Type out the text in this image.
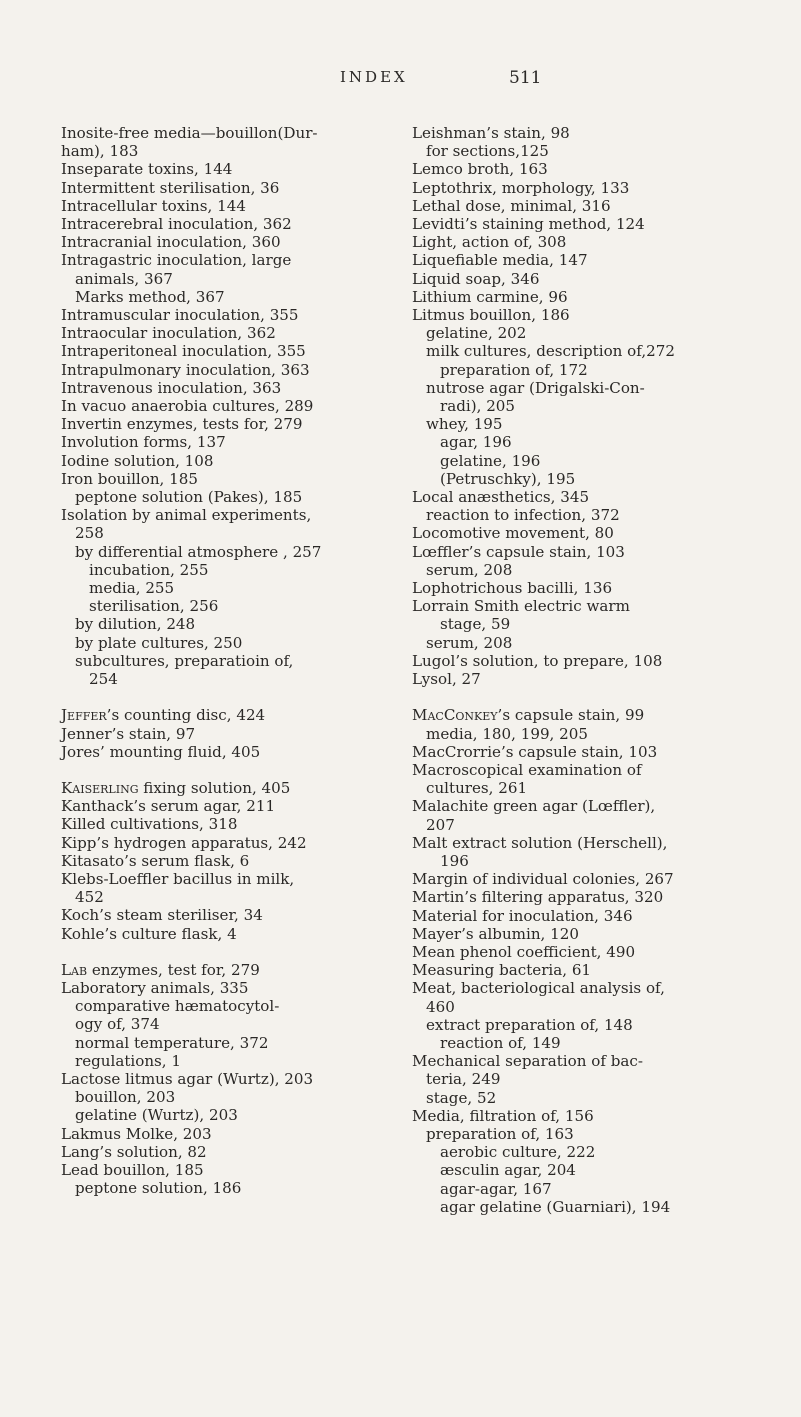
INDEX	511
Inosite-free media—bouillon(Dur-
ham), 183
Inseparate toxins, 144
Intermittent sterilisation, 36
Intracellular toxins, 144
Intracerebral inoculation, 362
Intracranial inoculation, 360
Intragastric inoculation, large
animals, 367
Marks method, 367
Intramuscular inoculation, 355
Intraocular inoculation, 362
Intraperitoneal inoculation, 355
Intrapulmonary inoculation, 363
Intravenous inoculation, 363
In vacuo anaerobia cultures, 289
Invertin enzymes, tests for, 279
Involution forms, 137
Iodine solution, 108
Iron bouillon, 185
peptone solution (Pakes), 185
Isolation by animal experiments,
258
by differential atmosphere , 257
incubation, 255
media, 255
sterilisation, 256
by dilution, 248
by plate cultures, 250
subcultures, preparatioin of,
254
Jeffer’s counting disc, 424
Jenner’s stain, 97
Jores’ mounting fluid, 405
Kaiserling fixing solution, 405
Kanthack’s serum agar, 211
Killed cultivations, 318
Kipp’s hydrogen apparatus, 242
Kitasato’s serum flask, 6
Klebs-Loeffler bacillus in milk,
452
Koch’s steam steriliser, 34
Kohle’s culture flask, 4
Lab enzymes, test for, 279
Laboratory animals, 335
comparative hæmatocytol-
ogy of, 374
normal temperature, 372
regulations, 1
Lactose litmus agar (Wurtz), 203
bouillon, 203
gelatine (Wurtz), 203
Lakmus Molke, 203
Lang’s solution, 82
Lead bouillon, 185
peptone solution, 186
Leishman’s stain, 98
for sections,125
Lemco broth, 163
Leptothrix, morphology, 133
Lethal dose, minimal, 316
Levidti’s staining method, 124
Light, action of, 308
Liquefiable media, 147
Liquid soap, 346
Lithium carmine, 96
Litmus bouillon, 186
gelatine, 202
milk cultures, description of,272
preparation of, 172
nutrose agar (Drigalski-Con-
radi), 205
whey, 195
agar, 196
gelatine, 196
(Petruschky), 195
Local anæsthetics, 345
reaction to infection, 372
Locomotive movement, 80
Lœffler’s capsule stain, 103
serum, 208
Lophotrichous bacilli, 136
Lorrain Smith electric warm
stage, 59
serum, 208
Lugol’s solution, to prepare, 108
Lysol, 27
MacConkey’s capsule stain, 99
media, 180, 199, 205
MacCrorrie’s capsule stain, 103
Macroscopical examination of
cultures, 261
Malachite green agar (Lœffler),
207
Malt extract solution (Herschell),
196
Margin of individual colonies, 267
Martin’s filtering apparatus, 320
Material for inoculation, 346
Mayer’s albumin, 120
Mean phenol coefficient, 490
Measuring bacteria, 61
Meat, bacteriological analysis of,
460
extract preparation of, 148
reaction of, 149
Mechanical separation of bac-
teria, 249
stage, 52
Media, filtration of, 156
preparation of, 163
aerobic culture, 222
æsculin agar, 204
agar-agar, 167
agar gelatine (Guarniari), 194
